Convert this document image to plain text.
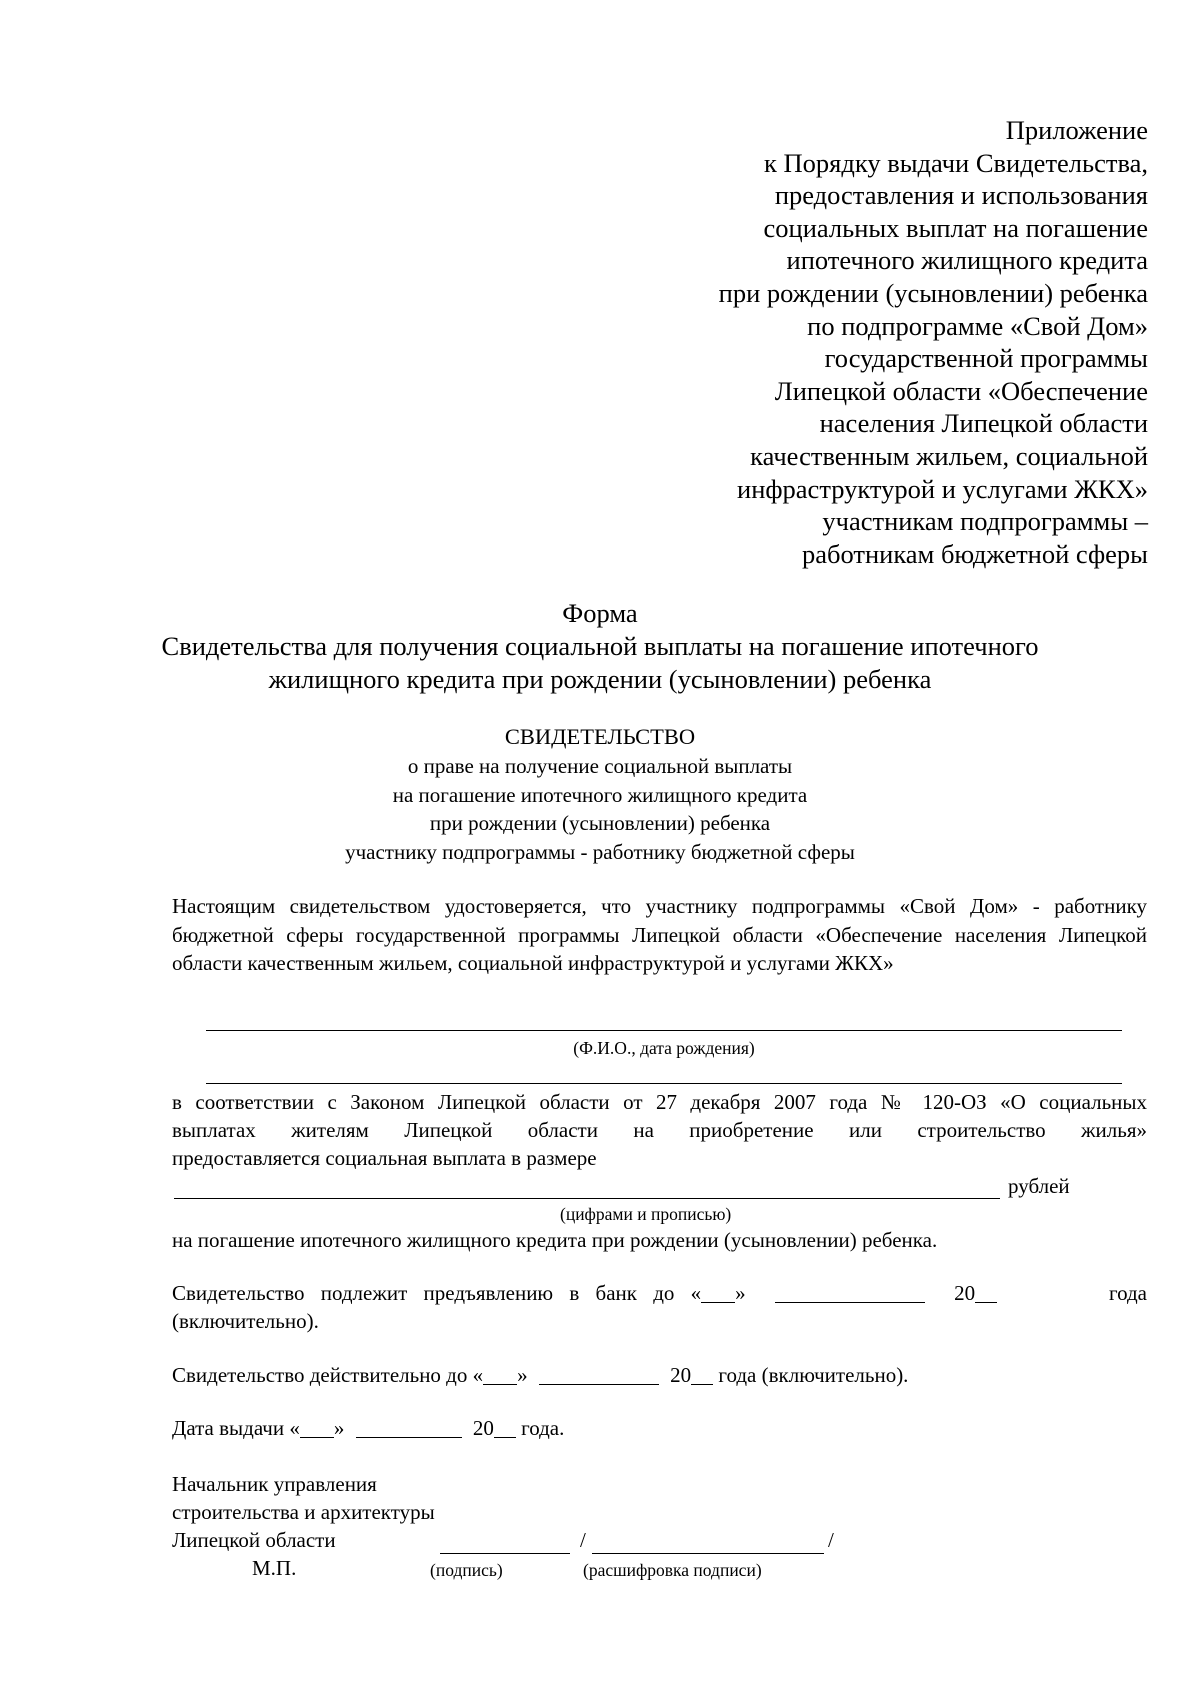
Приложение
к Порядку выдачи Свидетельства,
предоставления и использования
социальных выплат на погашение
ипотечного жилищного кредита
при рождении (усыновлении) ребенка
по подпрограмме «Свой Дом»
государственной программы
Липецкой области «Обеспечение
населения Липецкой области
качественным жильем, социальной
инфраструктурой и услугами ЖКХ»
участникам подпрограммы –
работникам бюджетной сферы
Форма
Свидетельства для получения социальной выплаты на погашение ипотечного
жилищного кредита при рождении (усыновлении) ребенка
СВИДЕТЕЛЬСТВО
о праве на получение социальной выплаты
на погашение ипотечного жилищного кредита
при рождении (усыновлении) ребенка
участнику подпрограммы - работнику бюджетной сферы
Настоящим свидетельством удостоверяется, что участнику подпрограммы «Свой Дом» - работнику бюджетной сферы государственной программы Липецкой области «Обеспечение населения Липецкой области качественным жильем, социальной инфраструктурой и услугами ЖКХ»
(Ф.И.О., дата рождения)
в соответствии с Законом Липецкой области от 27 декабря 2007 года № 120-ОЗ «О социальных
выплатах жителям Липецкой области на приобретение или строительство жилья»
предоставляется социальная выплата в размере
рублей
(цифрами и прописью)
на погашение ипотечного жилищного кредита при рождении (усыновлении) ребенка.
Свидетельство подлежит предъявлению в банк до « »	20	года
(включительно).
Свидетельство действительно до « »	20 года (включительно).
Дата выдачи « »	20 года.
Начальник управления
строительства и архитектуры
Липецкой области	/	/
М.П.	(подпись)	(расшифровка подписи)
